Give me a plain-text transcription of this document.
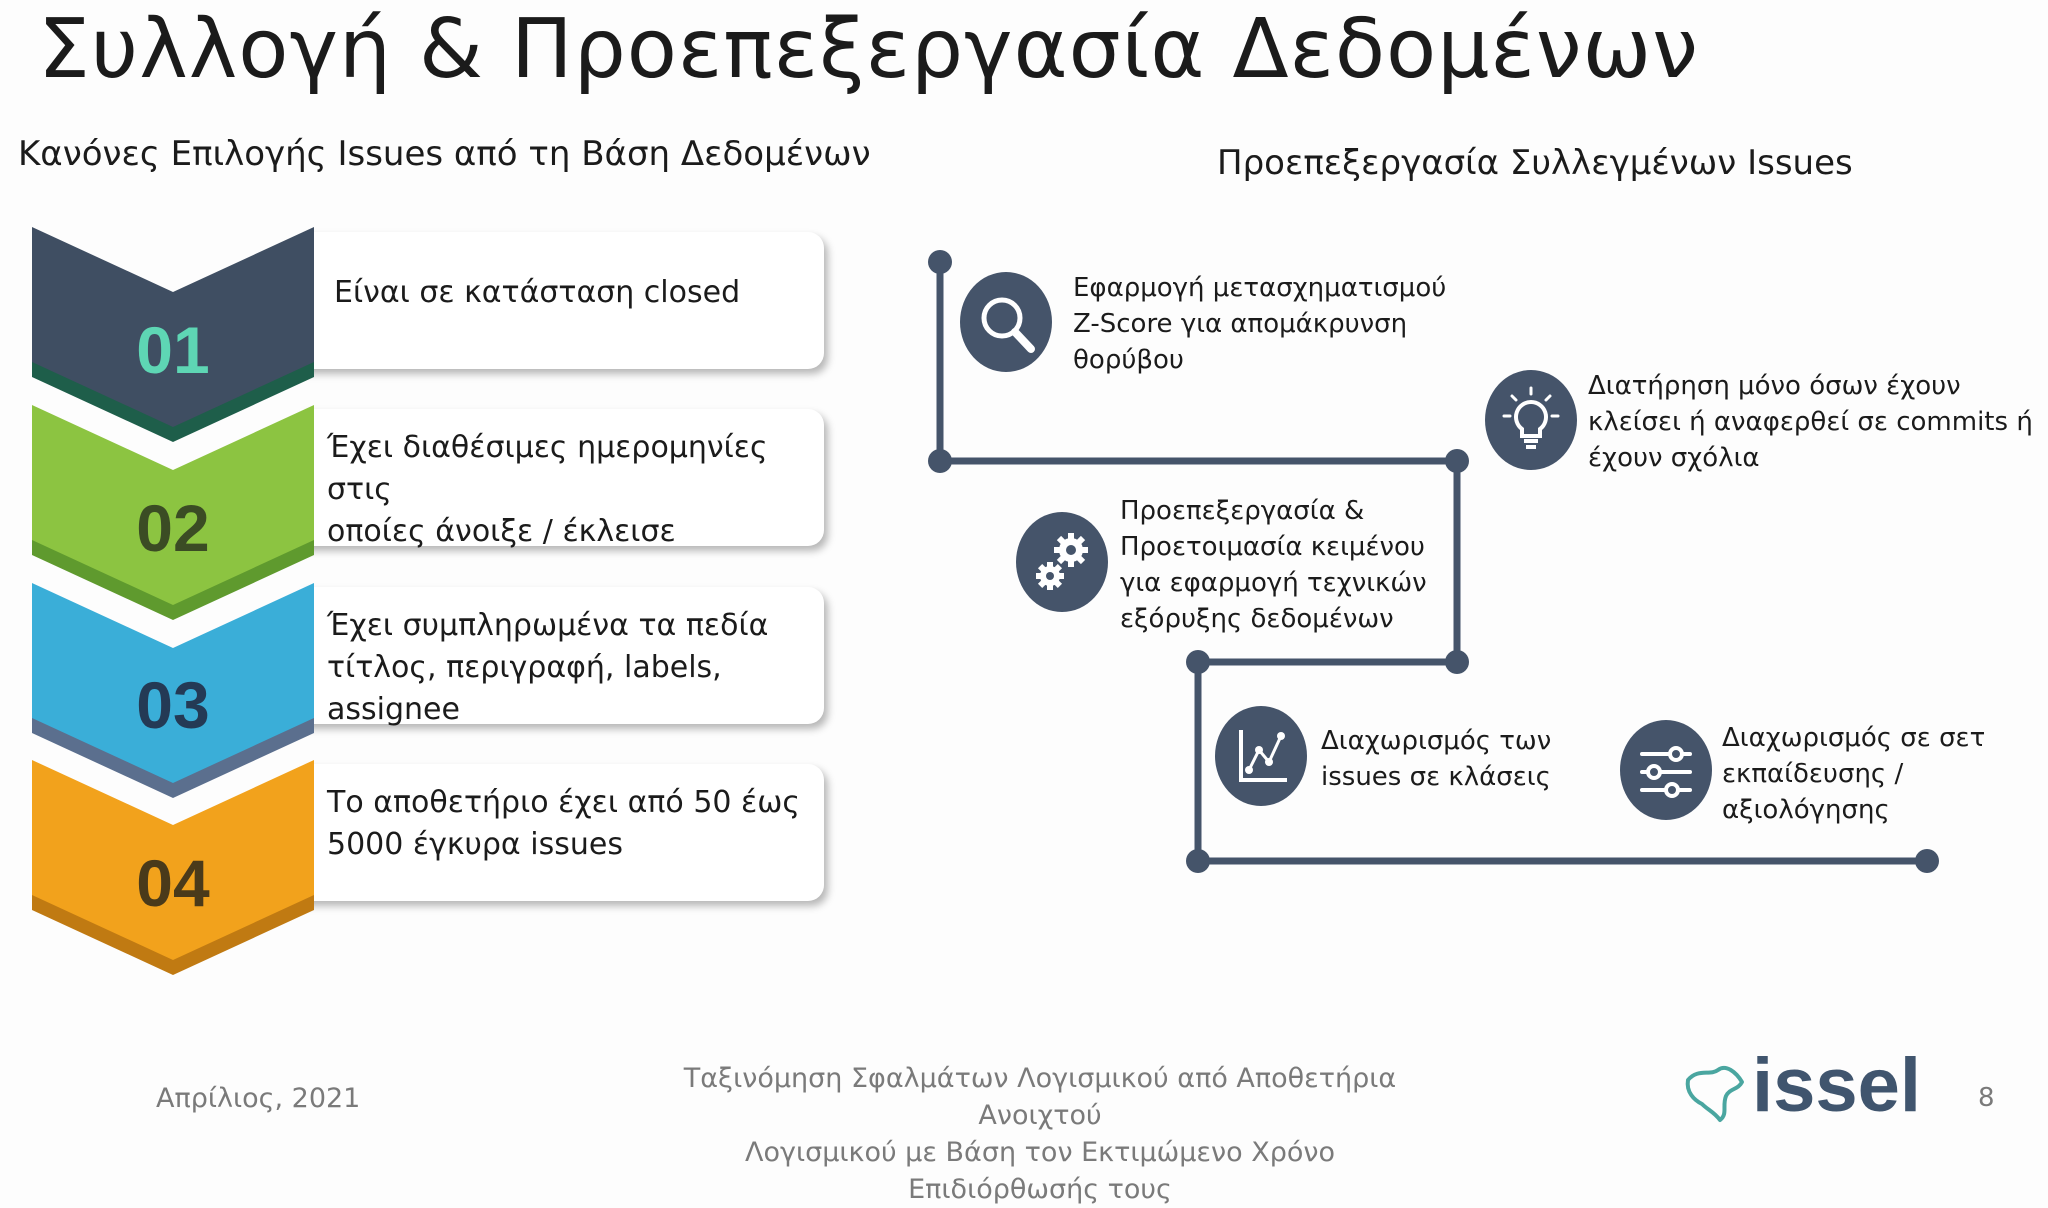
Συλλογή & Προεπεξεργασία Δεδομένων
Κανόνες Επιλογής Issues από τη Βάση Δεδομένων	Προεπεξεργασία Συλλεγμένων Issues
Είναι σε κατάσταση closed
Έχει διαθέσιμες ημερομηνίες στις
οποίες άνοιξε / έκλεισε
Έχει συμπληρωμένα τα πεδία
τίτλος, περιγραφή, labels, assignee
Το αποθετήριο έχει από 50 έως
5000 έγκυρα issues
01
02
03
04
Εφαρμογή μετασχηματισμού
Z-Score για απομάκρυνση
θορύβου
Διατήρηση μόνο όσων έχουν
κλείσει ή αναφερθεί σε commits ή
έχουν σχόλια
Προεπεξεργασία &
Προετοιμασία κειμένου
για εφαρμογή τεχνικών
εξόρυξης δεδομένων
Διαχωρισμός των
issues σε κλάσεις
Διαχωρισμός σε σετ
εκπαίδευσης /
αξιολόγησης
Απρίλιος, 2021
Ταξινόμηση Σφαλμάτων Λογισμικού από Αποθετήρια Ανοιχτού
Λογισμικού με Βάση τον Εκτιμώμενο Χρόνο Επιδιόρθωσής τους
issel 8
